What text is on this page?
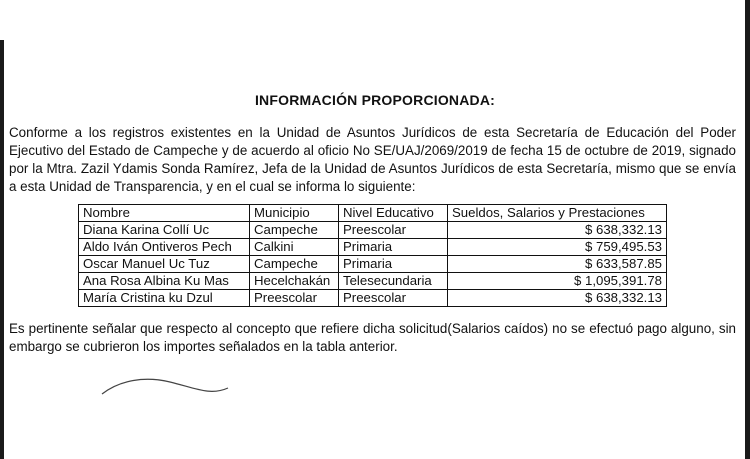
INFORMACIÓN PROPORCIONADA:
Conforme a los registros existentes en la Unidad de Asuntos Jurídicos de esta Secretaría de Educación del Poder Ejecutivo del Estado de Campeche y de acuerdo al oficio No SE/UAJ/2069/2019 de fecha 15 de octubre de 2019, signado por la Mtra. Zazil Ydamis Sonda Ramírez, Jefa de la Unidad de Asuntos Jurídicos de esta Secretaría, mismo que se envía a esta Unidad de Transparencia, y en el cual se informa lo siguiente:
Nombre	Municipio	Nivel Educativo	Sueldos, Salarios y Prestaciones
Diana Karina Collí Uc	Campeche	Preescolar	$ 638,332.13
Aldo Iván Ontiveros Pech	Calkini	Primaria	$ 759,495.53
Oscar Manuel Uc Tuz	Campeche	Primaria	$ 633,587.85
Ana Rosa Albina Ku Mas	Hecelchakán	Telesecundaria	$ 1,095,391.78
María Cristina ku Dzul	Preescolar	Preescolar	$ 638,332.13
Es pertinente señalar que respecto al concepto que refiere dicha solicitud(Salarios caídos) no se efectuó pago alguno, sin embargo se cubrieron los importes señalados en la tabla anterior.
